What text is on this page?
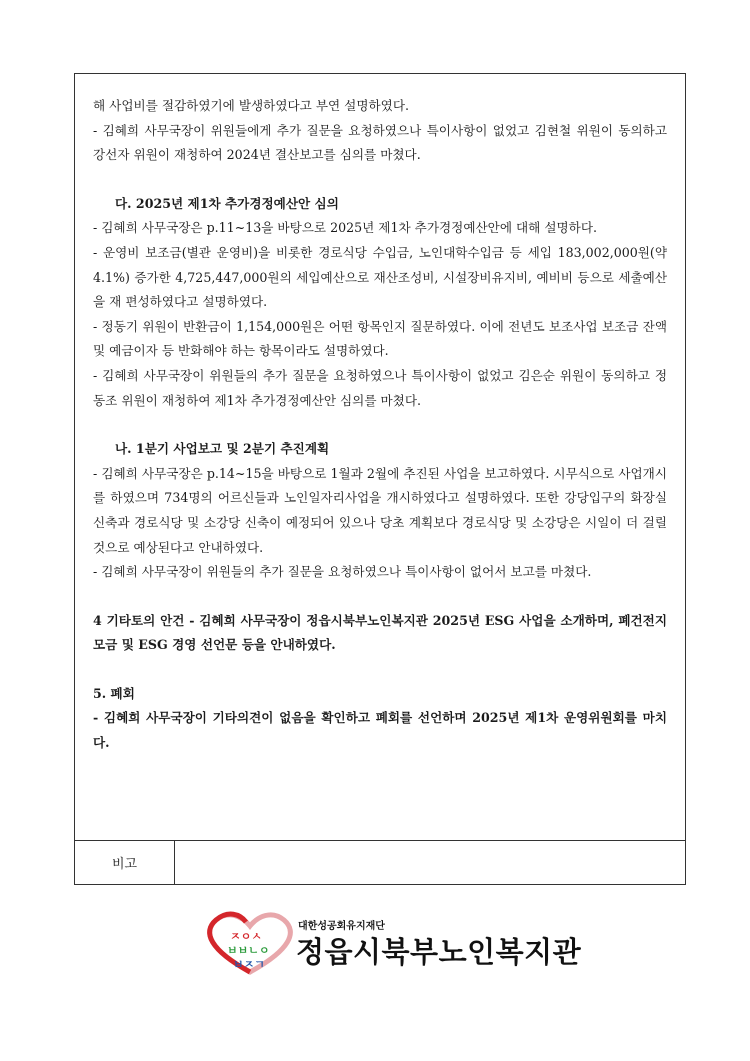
해 사업비를 절감하였기에 발생하였다고 부연 설명하였다.

- 김혜희 사무국장이 위원들에게 추가 질문을 요청하였으나 특이사항이 없었고 김현철 위원이 동의하고 강선자 위원이 재청하여 2024년 결산보고를 심의를 마쳤다.

다. 2025년 제1차 추가경정예산안 심의

- 김혜희 사무국장은 p.11~13을 바탕으로 2025년 제1차 추가경정예산안에 대해 설명하다.

- 운영비 보조금(별관 운영비)을 비롯한 경로식당 수입금, 노인대학수입금 등 세입 183,002,000원(약 4.1%) 증가한 4,725,447,000원의 세입예산으로 재산조성비, 시설장비유지비, 예비비 등으로 세출예산을 재 편성하였다고 설명하였다.

- 정동기 위원이 반환금이 1,154,000원은 어떤 항목인지 질문하였다. 이에 전년도 보조사업 보조금 잔액 및 예금이자 등 반화해야 하는 항목이라도 설명하였다.

- 김혜희 사무국장이 위원들의 추가 질문을 요청하였으나 특이사항이 없었고 김은순 위원이 동의하고 정동조 위원이 재청하여 제1차 추가경정예산안 심의를 마쳤다.

나. 1분기 사업보고 및 2분기 추진계획

- 김혜희 사무국장은 p.14~15을 바탕으로 1월과 2월에 추진된 사업을 보고하였다. 시무식으로 사업개시를 하였으며 734명의 어르신들과 노인일자리사업을 개시하였다고 설명하였다. 또한 강당입구의 화장실 신축과 경로식당 및 소강당 신축이 예정되어 있으나 당초 계획보다 경로식당 및 소강당은 시일이 더 걸릴것으로 예상된다고 안내하였다.

- 김혜희 사무국장이 위원들의 추가 질문을 요청하였으나 특이사항이 없어서 보고를 마쳤다.

4 기타토의 안건 - 김혜희 사무국장이 정읍시북부노인복지관 2025년 ESG 사업을 소개하며, 폐건전지 모금 및 ESG 경영 선언문 등을 안내하였다.

5. 폐회

- 김혜희 사무국장이 기타의견이 없음을 확인하고 폐회를 선언하며 2025년 제1차 운영위원회를 마치다.

비고
ㅈㅇㅅ
ㅂㅂㄴㅇ
ㅂㅈㄱ
대한성공회유지재단
정읍시북부노인복지관
